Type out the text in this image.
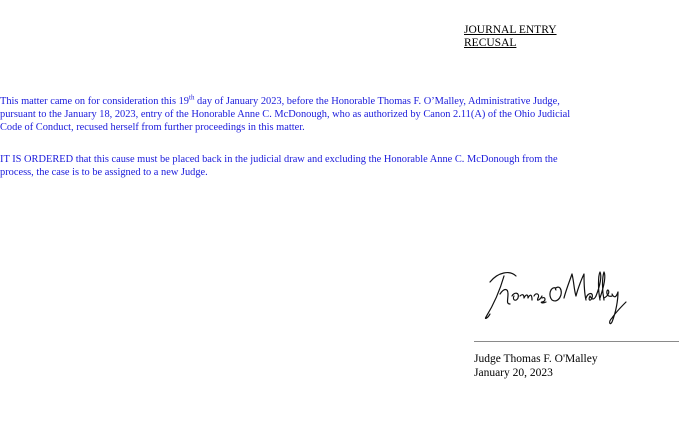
JOURNAL ENTRY
RECUSAL
This matter came on for consideration this 19th day of January 2023, before the Honorable Thomas F. O’Malley, Administrative Judge,
pursuant to the January 18, 2023, entry of the Honorable Anne C. McDonough, who as authorized by Canon 2.11(A) of the Ohio Judicial
Code of Conduct, recused herself from further proceedings in this matter.
IT IS ORDERED that this cause must be placed back in the judicial draw and excluding the Honorable Anne C. McDonough from the
process, the case is to be assigned to a new Judge.
Judge Thomas F. O'Malley
January 20, 2023
